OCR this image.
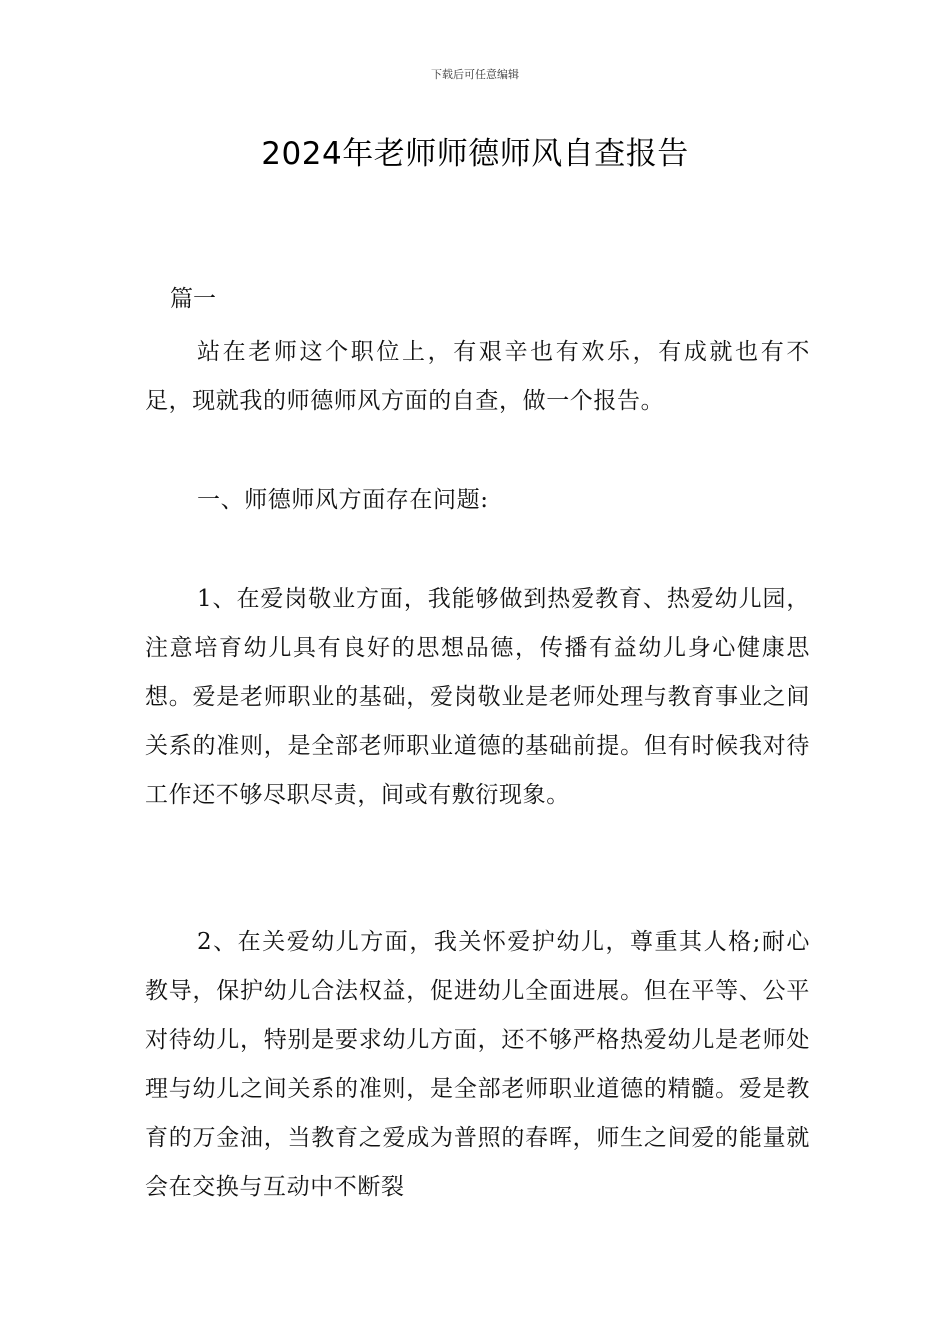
下载后可任意编辑
2024年老师师德师风自查报告
篇一

站在老师这个职位上，有艰辛也有欢乐，有成就也有不足，现就我的师德师风方面的自查，做一个报告。

一、师德师风方面存在问题:

1、在爱岗敬业方面，我能够做到热爱教育、热爱幼儿园，注意培育幼儿具有良好的思想品德，传播有益幼儿身心健康思想。爱是老师职业的基础，爱岗敬业是老师处理与教育事业之间关系的准则，是全部老师职业道德的基础前提。但有时候我对待工作还不够尽职尽责，间或有敷衍现象。

2、在关爱幼儿方面，我关怀爱护幼儿，尊重其人格;耐心教导，保护幼儿合法权益，促进幼儿全面进展。但在平等、公平对待幼儿，特别是要求幼儿方面，还不够严格热爱幼儿是老师处理与幼儿之间关系的准则，是全部老师职业道德的精髓。爱是教育的万金油，当教育之爱成为普照的春晖，师生之间爱的能量就会在交换与互动中不断裂
